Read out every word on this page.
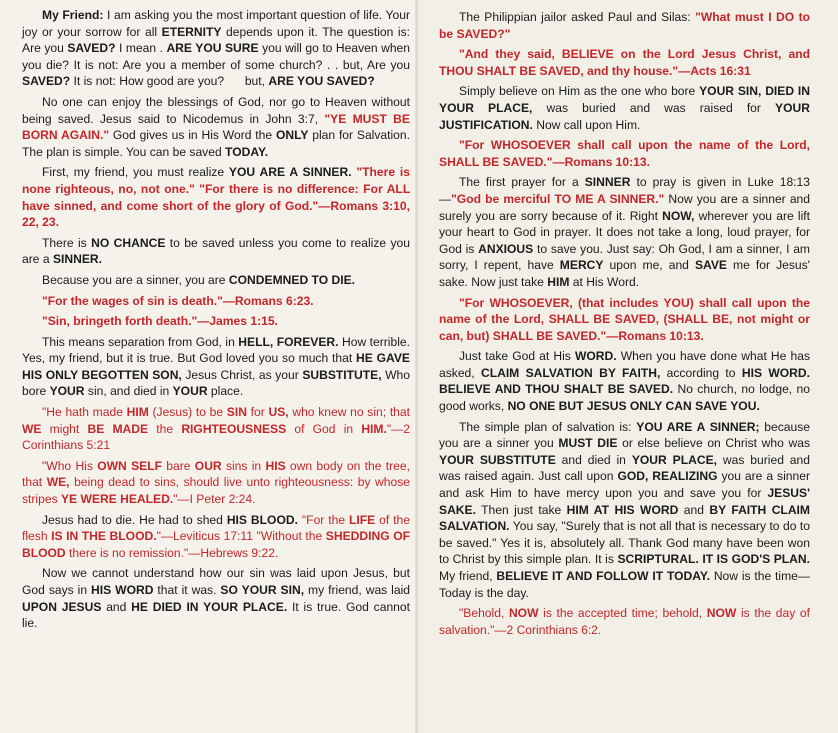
My Friend: I am asking you the most important question of life. Your joy or your sorrow for all ETERNITY depends upon it. The question is: Are you SAVED? I mean . ARE YOU SURE you will go to Heaven when you die? It is not: Are you a member of some church? . . but, Are you SAVED? It is not: How good are you?  but, ARE YOU SAVED?

No one can enjoy the blessings of God, nor go to Heaven without being saved. Jesus said to Nicodemus in John 3:7, "YE MUST BE BORN AGAIN." God gives us in His Word the ONLY plan for Salvation. The plan is simple. You can be saved TODAY.

First, my friend, you must realize YOU ARE A SINNER. "There is none righteous, no, not one." "For there is no difference: For ALL have sinned, and come short of the glory of God."—Romans 3:10, 22, 23.

There is NO CHANCE to be saved unless you come to realize you are a SINNER.

Because you are a sinner, you are CONDEMNED TO DIE.

"For the wages of sin is death."—Romans 6:23.

"Sin, bringeth forth death."—James 1:15.

This means separation from God, in HELL, FOREVER. How terrible. Yes, my friend, but it is true. But God loved you so much that HE GAVE HIS ONLY BEGOTTEN SON, Jesus Christ, as your SUBSTITUTE, Who bore YOUR sin, and died in YOUR place.

"He hath made HIM (Jesus) to be SIN for US, who knew no sin; that WE might BE MADE the RIGHTEOUSNESS of God in HIM."—2 Corinthians 5:21

"Who His OWN SELF bare OUR sins in HIS own body on the tree, that WE, being dead to sins, should live unto righteousness: by whose stripes YE WERE HEALED."—I Peter 2:24.

Jesus had to die. He had to shed HIS BLOOD. "For the LIFE of the flesh IS IN THE BLOOD."—Leviticus 17:11 "Without the SHEDDING OF BLOOD there is no remission."—Hebrews 9:22.

Now we cannot understand how our sin was laid upon Jesus, but God says in HIS WORD that it was. SO YOUR SIN, my friend, was laid UPON JESUS and HE DIED IN YOUR PLACE. It is true. God cannot lie.

The Philippian jailor asked Paul and Silas: "What must I DO to be SAVED?"

"And they said, BELIEVE on the Lord Jesus Christ, and THOU SHALT BE SAVED, and thy house."—Acts 16:31

Simply believe on Him as the one who bore YOUR SIN, DIED IN YOUR PLACE, was buried and was raised for YOUR JUSTIFICATION. Now call upon Him.

"For WHOSOEVER shall call upon the name of the Lord, SHALL BE SAVED."—Romans 10:13.

The first prayer for a SINNER to pray is given in Luke 18:13—"God be merciful TO ME A SINNER." Now you are a sinner and surely you are sorry because of it. Right NOW, wherever you are lift your heart to God in prayer. It does not take a long, loud prayer, for God is ANXIOUS to save you. Just say: Oh God, I am a sinner, I am sorry, I repent, have MERCY upon me, and SAVE me for Jesus' sake. Now just take HIM at His Word.

"For WHOSOEVER, (that includes YOU) shall call upon the name of the Lord, SHALL BE SAVED, (SHALL BE, not might or can, but) SHALL BE SAVED."—Romans 10:13.

Just take God at His WORD. When you have done what He has asked, CLAIM SALVATION BY FAITH, according to HIS WORD. BELIEVE AND THOU SHALT BE SAVED. No church, no lodge, no good works, NO ONE BUT JESUS ONLY CAN SAVE YOU.

The simple plan of salvation is: YOU ARE A SINNER; because you are a sinner you MUST DIE or else believe on Christ who was YOUR SUBSTITUTE and died in YOUR PLACE, was buried and was raised again. Just call upon GOD, REALIZING you are a sinner and ask Him to have mercy upon you and save you for JESUS' SAKE. Then just take HIM AT HIS WORD and BY FAITH CLAIM SALVATION. You say, "Surely that is not all that is necessary to do to be saved." Yes it is, absolutely all. Thank God many have been won to Christ by this simple plan. It is SCRIPTURAL. IT IS GOD'S PLAN. My friend, BELIEVE IT AND FOLLOW IT TODAY. Now is the time—Today is the day.

"Behold, NOW is the accepted time; behold, NOW is the day of salvation."—2 Corinthians 6:2.
